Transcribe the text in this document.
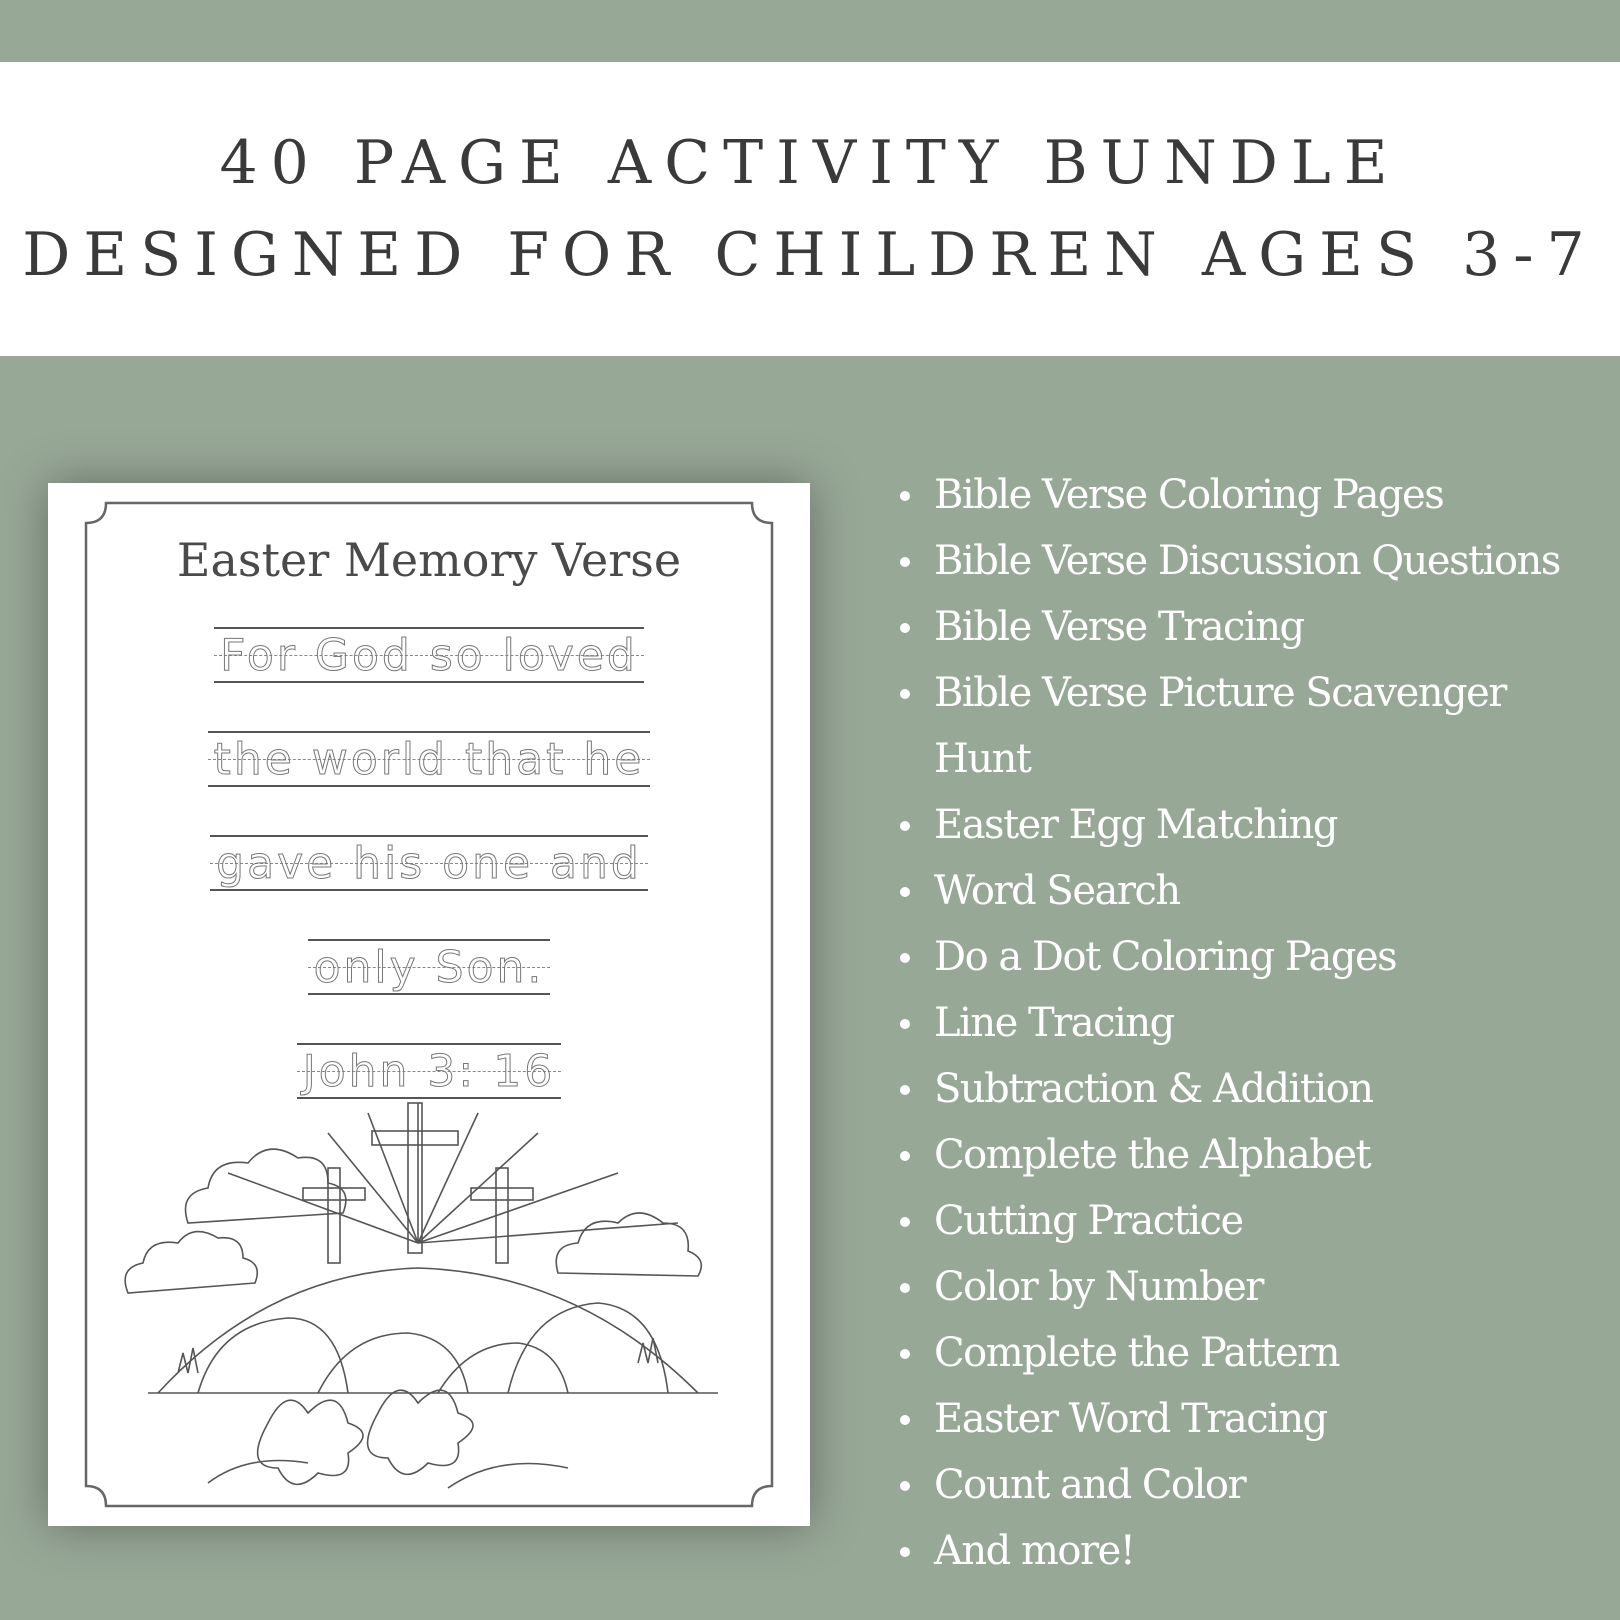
40 PAGE ACTIVITY BUNDLE
DESIGNED FOR CHILDREN AGES 3-7
Easter Memory Verse
For God so loved
the world that he
gave his one and
only Son.
John 3: 16
Bible Verse Coloring Pages
Bible Verse Discussion Questions
Bible Verse Tracing
Bible Verse Picture Scavenger Hunt
Easter Egg Matching
Word Search
Do a Dot Coloring Pages
Line Tracing
Subtraction & Addition
Complete the Alphabet
Cutting Practice
Color by Number
Complete the Pattern
Easter Word Tracing
Count and Color
And more!
